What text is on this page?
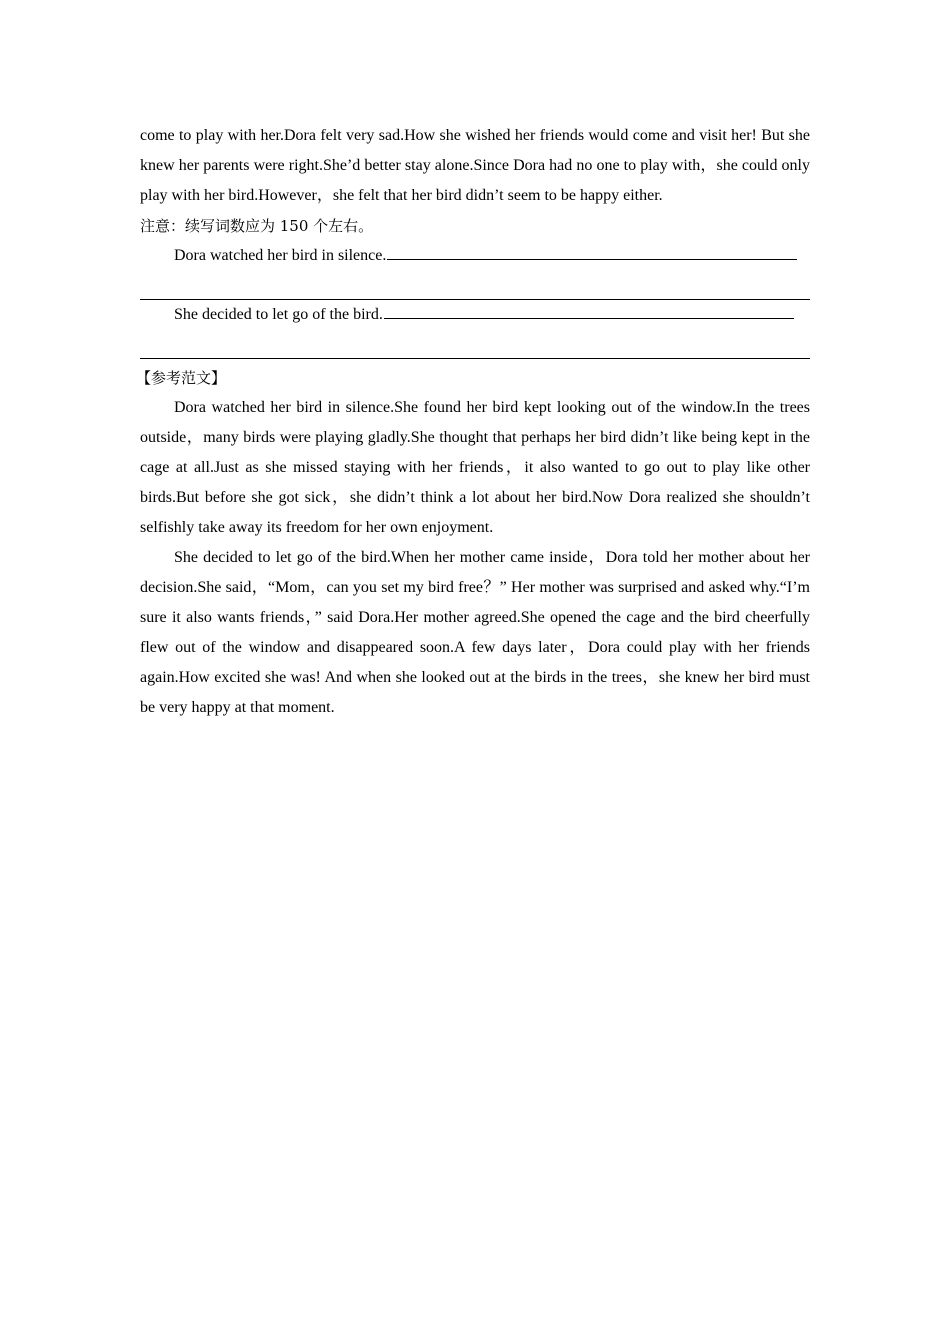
come to play with her.Dora felt very sad.How she wished her friends would come and visit her! But she knew her parents were right.She’d better stay alone.Since Dora had no one to play with，she could only play with her bird.However，she felt that her bird didn’t seem to be happy either.

注意：续写词数应为 150 个左右。

Dora watched her bird in silence.

She decided to let go of the bird.

【参考范文】

Dora watched her bird in silence.She found her bird kept looking out of the window.In the trees outside，many birds were playing gladly.She thought that perhaps her bird didn’t like being kept in the cage at all.Just as she missed staying with her friends，it also wanted to go out to play like other birds.But before she got sick，she didn’t think a lot about her bird.Now Dora realized she shouldn’t selfishly take away its freedom for her own enjoyment.

She decided to let go of the bird.When her mother came inside，Dora told her mother about her decision.She said，“Mom，can you set my bird free？” Her mother was surprised and asked why.“I’m sure it also wants friends，” said Dora.Her mother agreed.She opened the cage and the bird cheerfully flew out of the window and disappeared soon.A few days later，Dora could play with her friends again.How excited she was! And when she looked out at the birds in the trees，she knew her bird must be very happy at that moment.
